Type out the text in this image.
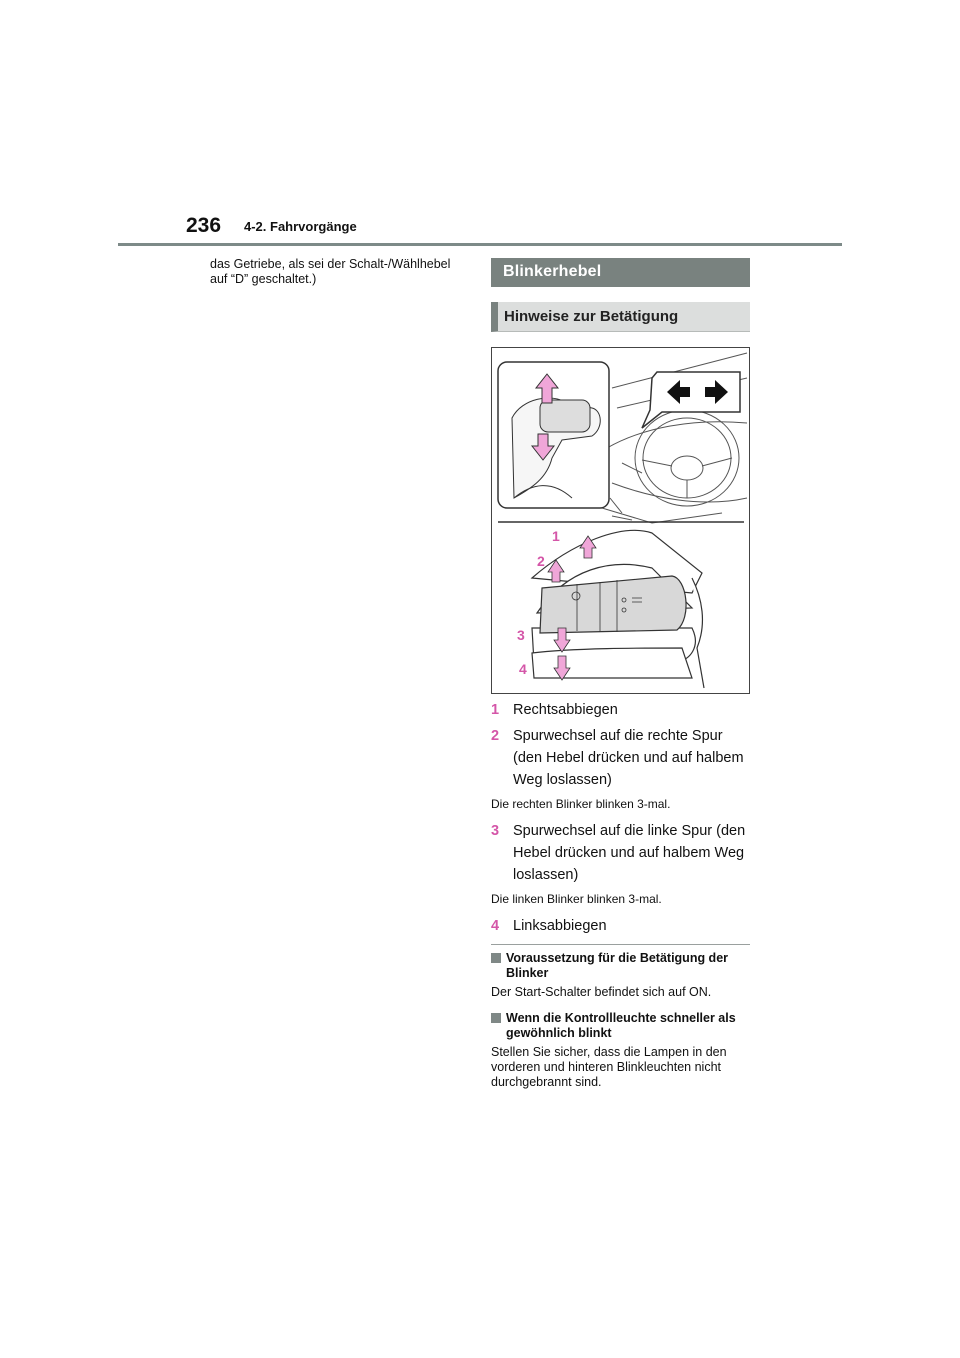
236 4-2. Fahrvorgänge
das Getriebe, als sei der Schalt-/Wählhebel auf “D” geschaltet.)	Blinkerhebel
Hinweise zur Betätigung
1
2
3
4
1 Rechtsabbiegen
2 Spurwechsel auf die rechte Spur (den Hebel drücken und auf halbem Weg loslassen)
Die rechten Blinker blinken 3-mal.
3 Spurwechsel auf die linke Spur (den Hebel drücken und auf halbem Weg loslassen)
Die linken Blinker blinken 3-mal.
4 Linksabbiegen
Voraussetzung für die Betätigung der Blinker
Der Start-Schalter befindet sich auf ON.
Wenn die Kontrollleuchte schneller als gewöhnlich blinkt
Stellen Sie sicher, dass die Lampen in den vorderen und hinteren Blinkleuchten nicht durchgebrannt sind.
